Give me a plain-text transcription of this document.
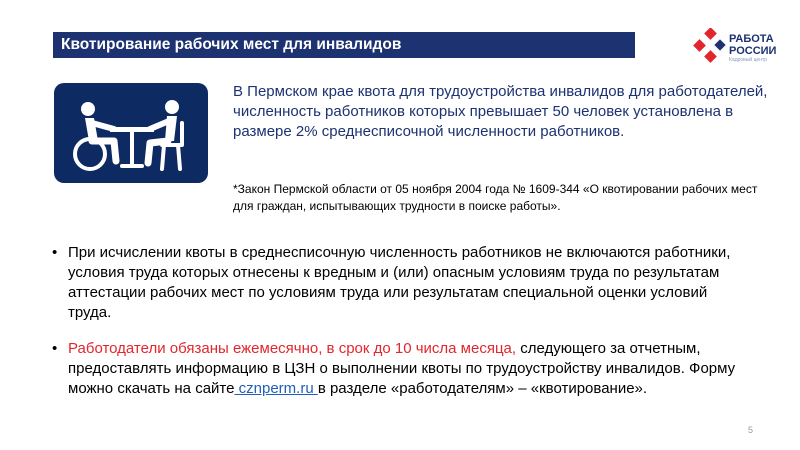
Квотирование рабочих мест для инвалидов	РАБОТА
РОССИИ
Кадровый центр
В Пермском крае квота для трудоустройства инвалидов для работодателей, численность работников которых превышает 50 человек установлена в размере 2% среднесписочной численности работников.
*Закон Пермской области от 05 ноября 2004 года № 1609-344 «О квотировании рабочих мест для граждан, испытывающих трудности в поиске работы».
• При исчислении квоты в среднесписочную численность работников не включаются работники, условия труда которых отнесены к вредным и (или) опасным условиям труда по результатам аттестации рабочих мест по условиям труда или результатам специальной оценки условий труда.
• Работодатели обязаны ежемесячно, в срок до 10 числа месяца, следующего за отчетным, предоставлять информацию в ЦЗН о выполнении квоты по трудоустройству инвалидов. Форму можно скачать на сайте cznperm.ru в разделе «работодателям» – «квотирование».
5
